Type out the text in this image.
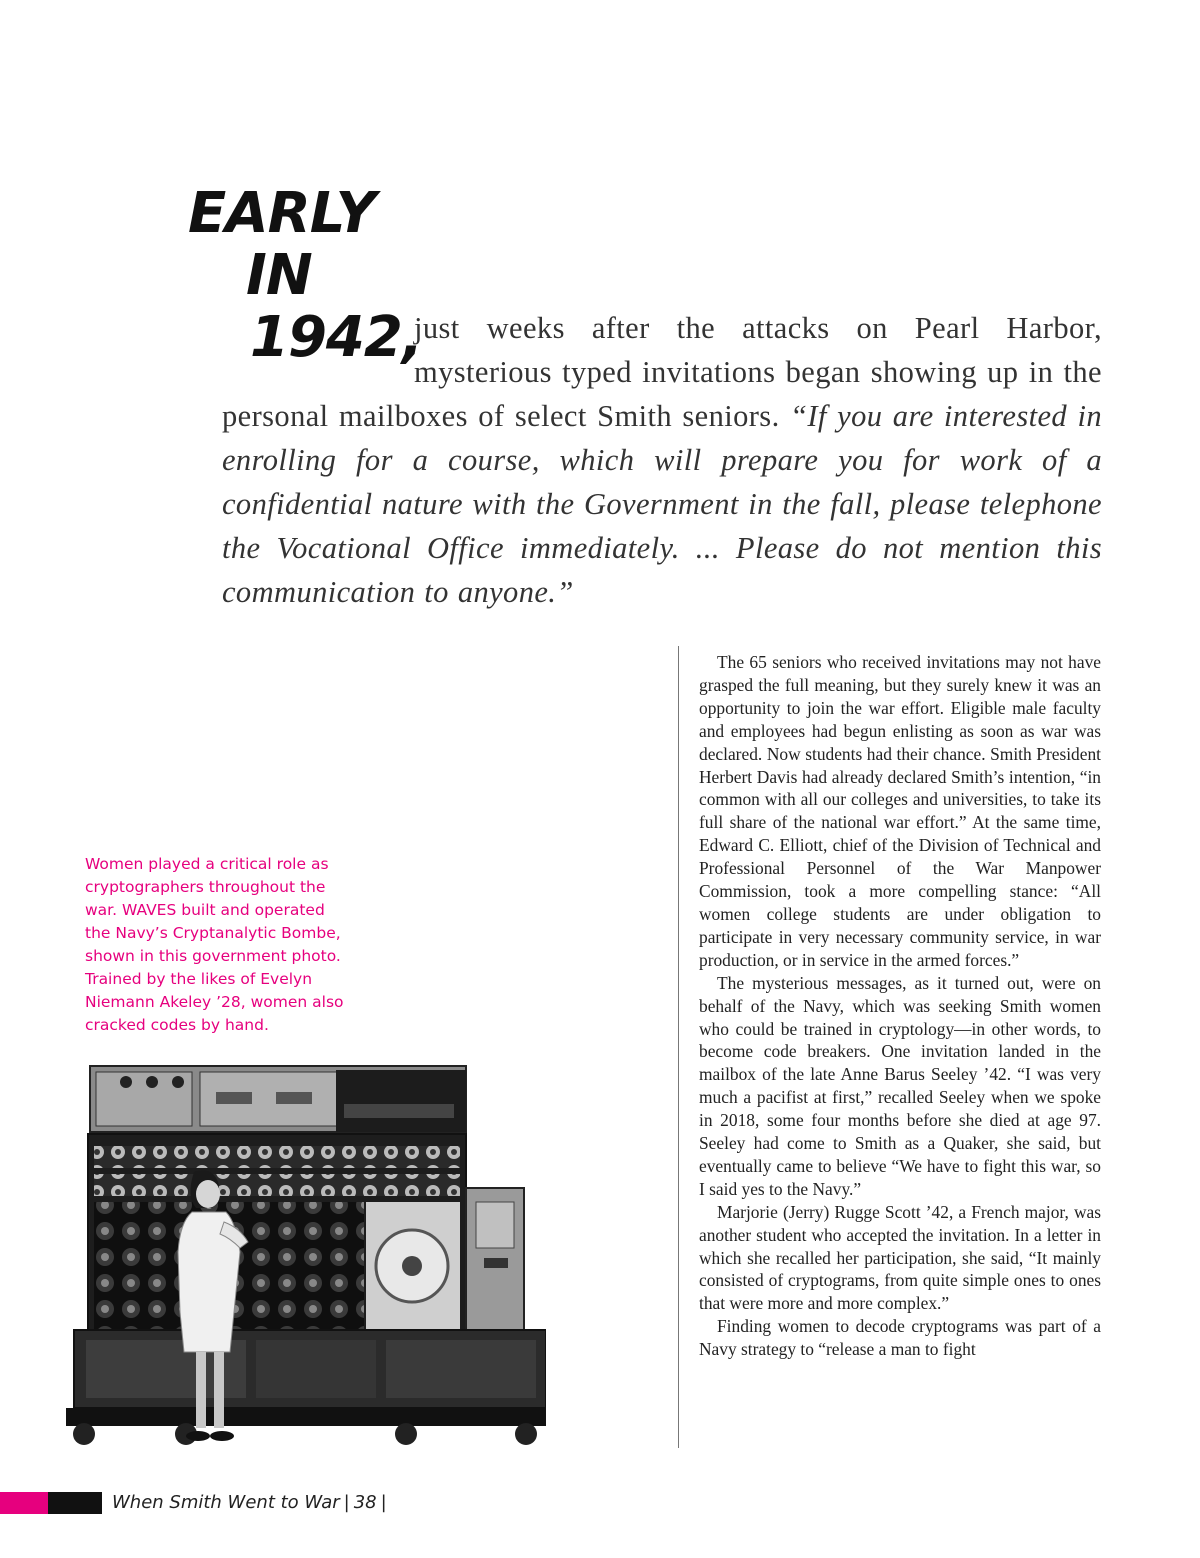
EARLY
IN
1942,
just weeks after the attacks on Pearl Harbor, mysterious typed invitations began showing up in the personal mailboxes of select Smith seniors. “If you are interested in enrolling for a course, which will prepare you for work of a confidential nature with the Government in the fall, please telephone the Vocational Office immediately. ... Please do not mention this communication to anyone.”
Women played a critical role as cryptographers throughout the war. WAVES built and operated the Navy’s Cryptanalytic Bombe, shown in this government photo. Trained by the likes of Evelyn Niemann Akeley ’28, women also cracked codes by hand.

The 65 seniors who received invitations may not have grasped the full meaning, but they surely knew it was an opportunity to join the war effort. Eligible male faculty and employees had begun enlisting as soon as war was declared. Now students had their chance. Smith President Herbert Davis had already declared Smith’s intention, “in common with all our colleges and universities, to take its full share of the national war effort.” At the same time, Edward C. Elliott, chief of the Division of Technical and Professional Personnel of the War Manpower Commission, took a more compelling stance: “All women college students are under obligation to participate in very necessary community service, in war production, or in service in the armed forces.”

The mysterious messages, as it turned out, were on behalf of the Navy, which was seeking Smith women who could be trained in cryptology—in other words, to become code breakers. One invitation landed in the mailbox of the late Anne Barus Seeley ’42. “I was very much a pacifist at first,” recalled Seeley when we spoke in 2018, some four months before she died at age 97. Seeley had come to Smith as a Quaker, she said, but eventually came to believe “We have to fight this war, so I said yes to the Navy.”

Marjorie (Jerry) Rugge Scott ’42, a French major, was another student who accepted the invitation. In a letter in which she recalled her participation, she said, “It mainly consisted of cryptograms, from quite simple ones to ones that were more and more complex.”

Finding women to decode cryptograms was part of a Navy strategy to “release a man to fight

When Smith Went to War | 38 |
